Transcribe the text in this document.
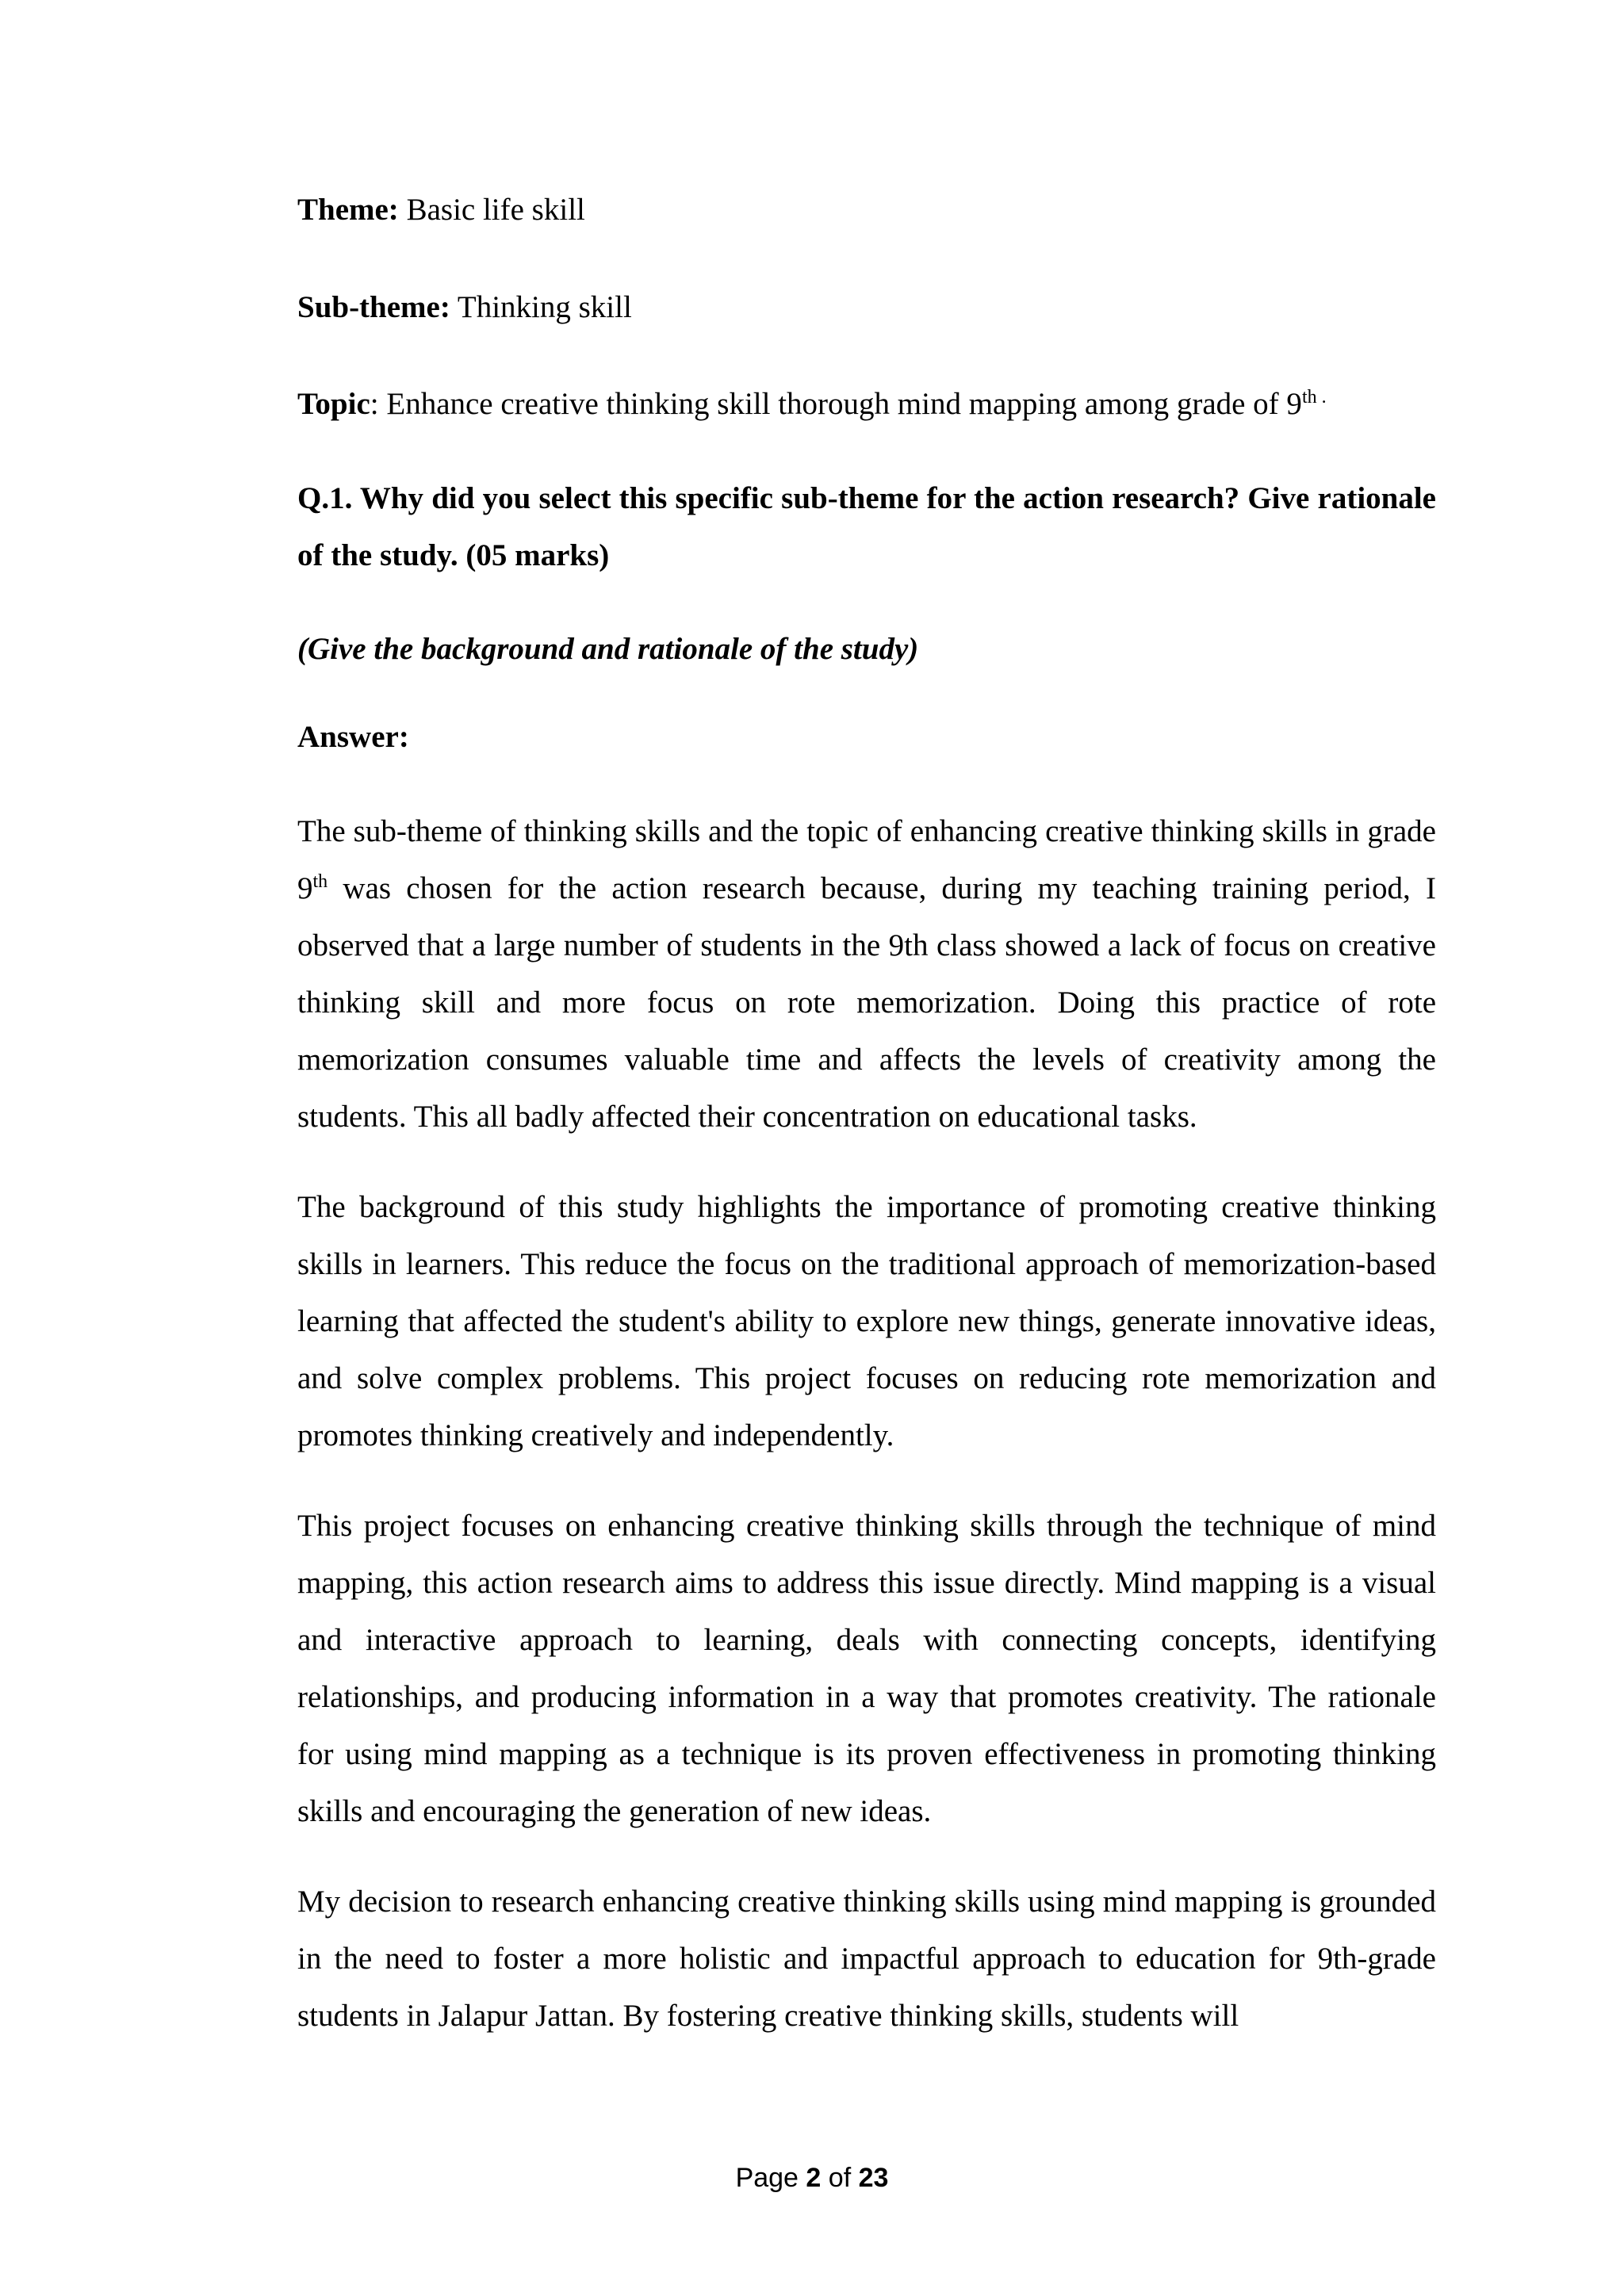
Theme: Basic life skill

Sub-theme: Thinking skill

Topic: Enhance creative thinking skill thorough mind mapping among grade of $9^{th .}$

Q.1. Why did you select this specific sub-theme for the action research? Give rationale of the study. (05 marks)

(Give the background and rationale of the study)

Answer:

The sub-theme of thinking skills and the topic of enhancing creative thinking skills in grade 9th was chosen for the action research because, during my teaching training period, I observed that a large number of students in the 9th class showed a lack of focus on creative thinking skill and more focus on rote memorization. Doing this practice of rote memorization consumes valuable time and affects the levels of creativity among the students. This all badly affected their concentration on educational tasks.

The background of this study highlights the importance of promoting creative thinking skills in learners. This reduce the focus on the traditional approach of memorization-based learning that affected the student's ability to explore new things, generate innovative ideas, and solve complex problems. This project focuses on reducing rote memorization and promotes thinking creatively and independently.

This project focuses on enhancing creative thinking skills through the technique of mind mapping, this action research aims to address this issue directly. Mind mapping is a visual and interactive approach to learning, deals with connecting concepts, identifying relationships, and producing information in a way that promotes creativity. The rationale for using mind mapping as a technique is its proven effectiveness in promoting thinking skills and encouraging the generation of new ideas.

My decision to research enhancing creative thinking skills using mind mapping is grounded in the need to foster a more holistic and impactful approach to education for 9th-grade students in Jalapur Jattan. By fostering creative thinking skills, students will

Page 2 of 23
